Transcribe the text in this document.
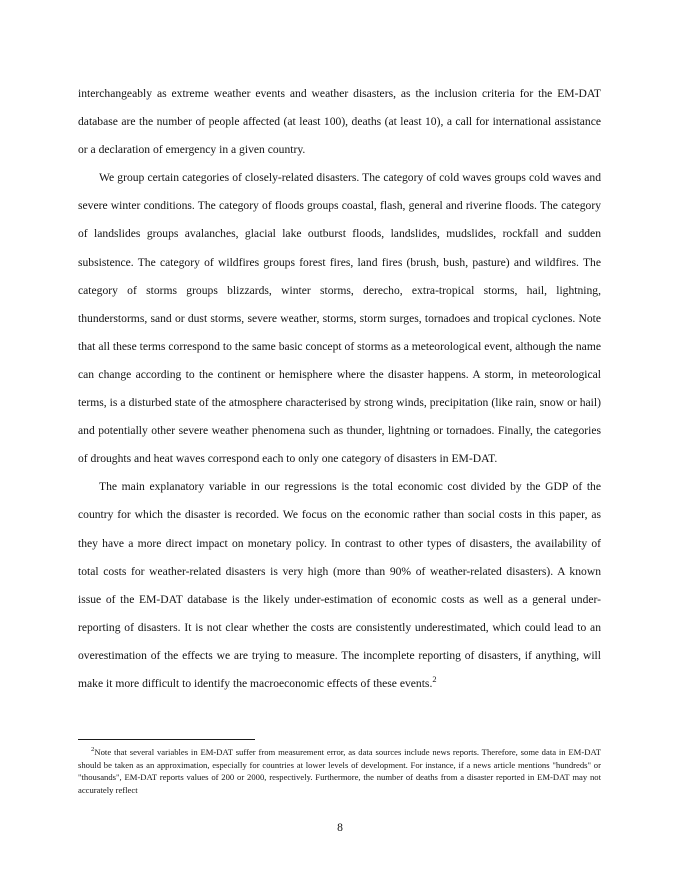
interchangeably as extreme weather events and weather disasters, as the inclusion criteria for the EM-DAT database are the number of people affected (at least 100), deaths (at least 10), a call for international assistance or a declaration of emergency in a given country.

We group certain categories of closely-related disasters. The category of cold waves groups cold waves and severe winter conditions. The category of floods groups coastal, flash, general and riverine floods. The category of landslides groups avalanches, glacial lake outburst floods, landslides, mudslides, rockfall and sudden subsistence. The category of wildfires groups forest fires, land fires (brush, bush, pasture) and wildfires. The category of storms groups blizzards, winter storms, derecho, extra-tropical storms, hail, lightning, thunderstorms, sand or dust storms, severe weather, storms, storm surges, tornadoes and tropical cyclones. Note that all these terms correspond to the same basic concept of storms as a meteorological event, although the name can change according to the continent or hemisphere where the disaster happens. A storm, in meteorological terms, is a disturbed state of the atmosphere characterised by strong winds, precipitation (like rain, snow or hail) and potentially other severe weather phenomena such as thunder, lightning or tornadoes. Finally, the categories of droughts and heat waves correspond each to only one category of disasters in EM-DAT.

The main explanatory variable in our regressions is the total economic cost divided by the GDP of the country for which the disaster is recorded. We focus on the economic rather than social costs in this paper, as they have a more direct impact on monetary policy. In contrast to other types of disasters, the availability of total costs for weather-related disasters is very high (more than 90% of weather-related disasters). A known issue of the EM-DAT database is the likely under-estimation of economic costs as well as a general under-reporting of disasters. It is not clear whether the costs are consistently underestimated, which could lead to an overestimation of the effects we are trying to measure. The incomplete reporting of disasters, if anything, will make it more difficult to identify the macroeconomic effects of these events.$^2$

$^2$Note that several variables in EM-DAT suffer from measurement error, as data sources include news reports. Therefore, some data in EM-DAT should be taken as an approximation, especially for countries at lower levels of development. For instance, if a news article mentions "hundreds" or "thousands", EM-DAT reports values of 200 or 2000, respectively. Furthermore, the number of deaths from a disaster reported in EM-DAT may not accurately reflect

8
